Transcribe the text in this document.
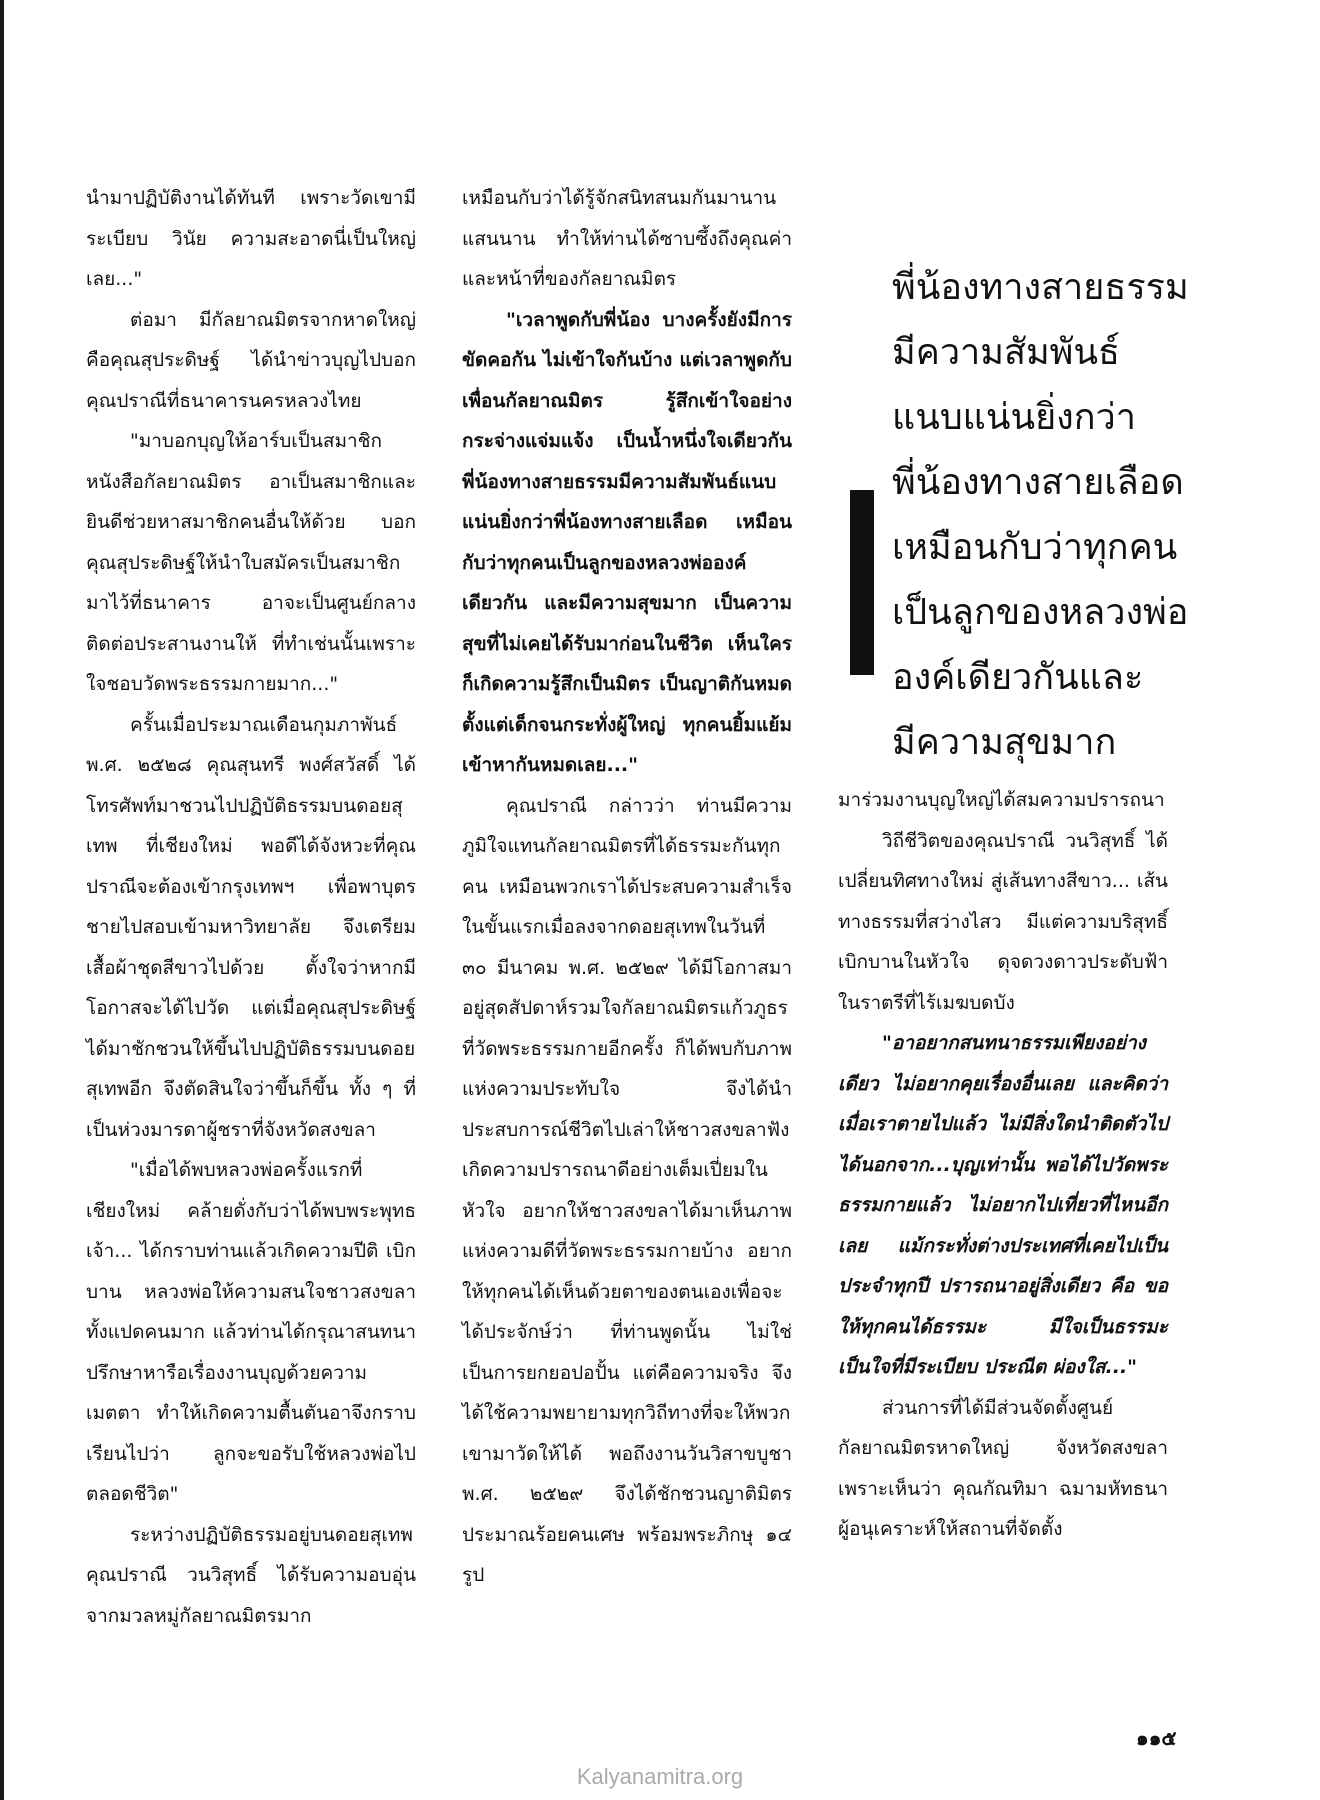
นำมาปฏิบัติงานได้ทันที เพราะวัดเขามีระเบียบ วินัย ความสะอาดนี่เป็นใหญ่เลย..."

ต่อมา มีกัลยาณมิตรจากหาดใหญ่ คือคุณสุประดิษฐ์ ได้นำข่าวบุญไปบอกคุณปราณีที่ธนาคารนครหลวงไทย

"มาบอกบุญให้อาร์บเป็นสมาชิกหนังสือกัลยาณมิตร อาเป็นสมาชิกและยินดีช่วยหาสมาชิกคนอื่นให้ด้วย บอกคุณสุประดิษฐ์ให้นำใบสมัครเป็นสมาชิกมาไว้ที่ธนาคาร อาจะเป็นศูนย์กลางติดต่อประสานงานให้ ที่ทำเช่นนั้นเพราะใจชอบวัดพระธรรมกายมาก..."

ครั้นเมื่อประมาณเดือนกุมภาพันธ์ พ.ศ. ๒๕๒๘ คุณสุนทรี พงศ์สวัสดิ์ ได้โทรศัพท์มาชวนไปปฏิบัติธรรมบนดอยสุเทพ ที่เชียงใหม่ พอดีได้จังหวะที่คุณปราณีจะต้องเข้ากรุงเทพฯ เพื่อพาบุตรชายไปสอบเข้ามหาวิทยาลัย จึงเตรียมเสื้อผ้าชุดสีขาวไปด้วย ตั้งใจว่าหากมีโอกาสจะได้ไปวัด แต่เมื่อคุณสุประดิษฐ์ได้มาชักชวนให้ขึ้นไปปฏิบัติธรรมบนดอยสุเทพอีก จึงตัดสินใจว่าขึ้นก็ขึ้น ทั้ง ๆ ที่เป็นห่วงมารดาผู้ชราที่จังหวัดสงขลา

"เมื่อได้พบหลวงพ่อครั้งแรกที่เชียงใหม่ คล้ายดั่งกับว่าได้พบพระพุทธเจ้า... ได้กราบท่านแล้วเกิดความปีติ เบิกบาน หลวงพ่อให้ความสนใจชาวสงขลาทั้งแปดคนมาก แล้วท่านได้กรุณาสนทนาปรึกษาหารือเรื่องงานบุญด้วยความเมตตา ทำให้เกิดความตื้นตันอาจึงกราบเรียนไปว่า ลูกจะขอรับใช้หลวงพ่อไปตลอดชีวิต"

ระหว่างปฏิบัติธรรมอยู่บนดอยสุเทพ คุณปราณี วนวิสุทธิ์ ได้รับความอบอุ่นจากมวลหมู่กัลยาณมิตรมาก

เหมือนกับว่าได้รู้จักสนิทสนมกันมานานแสนนาน ทำให้ท่านได้ซาบซึ้งถึงคุณค่าและหน้าที่ของกัลยาณมิตร

"เวลาพูดกับพี่น้อง บางครั้งยังมีการขัดคอกัน ไม่เข้าใจกันบ้าง แต่เวลาพูดกับเพื่อนกัลยาณมิตร รู้สึกเข้าใจอย่างกระจ่างแจ่มแจ้ง เป็นน้ำหนึ่งใจเดียวกัน พี่น้องทางสายธรรมมีความสัมพันธ์แนบแน่นยิ่งกว่าพี่น้องทางสายเลือด เหมือนกับว่าทุกคนเป็นลูกของหลวงพ่อองค์เดียวกัน และมีความสุขมาก เป็นความสุขที่ไม่เคยได้รับมาก่อนในชีวิต เห็นใครก็เกิดความรู้สึกเป็นมิตร เป็นญาติกันหมด ตั้งแต่เด็กจนกระทั่งผู้ใหญ่ ทุกคนยิ้มแย้มเข้าหากันหมดเลย..."

คุณปราณี กล่าวว่า ท่านมีความภูมิใจแทนกัลยาณมิตรที่ได้ธรรมะกันทุกคน เหมือนพวกเราได้ประสบความสำเร็จ ในขั้นแรกเมื่อลงจากดอยสุเทพในวันที่ ๓๐ มีนาคม พ.ศ. ๒๕๒๙ ได้มีโอกาสมาอยู่สุดสัปดาห์รวมใจกัลยาณมิตรแก้วภูธรที่วัดพระธรรมกายอีกครั้ง ก็ได้พบกับภาพแห่งความประทับใจ จึงได้นำประสบการณ์ชีวิตไปเล่าให้ชาวสงขลาฟัง เกิดความปรารถนาดีอย่างเต็มเปี่ยมในหัวใจ อยากให้ชาวสงขลาได้มาเห็นภาพแห่งความดีที่วัดพระธรรมกายบ้าง อยากให้ทุกคนได้เห็นด้วยตาของตนเองเพื่อจะได้ประจักษ์ว่า ที่ท่านพูดนั้น ไม่ใช่เป็นการยกยอปอปั้น แต่คือความจริง จึงได้ใช้ความพยายามทุกวิถีทางที่จะให้พวกเขามาวัดให้ได้ พอถึงงานวันวิสาขบูชา พ.ศ. ๒๕๒๙ จึงได้ชักชวนญาติมิตรประมาณร้อยคนเศษ พร้อมพระภิกษุ ๑๔ รูป

พี่น้องทางสายธรรม
มีความสัมพันธ์
แนบแน่นยิ่งกว่า
พี่น้องทางสายเลือด
เหมือนกับว่าทุกคน
เป็นลูกของหลวงพ่อ
องค์เดียวกันและ
มีความสุขมาก

มาร่วมงานบุญใหญ่ได้สมความปรารถนา

วิถีชีวิตของคุณปราณี วนวิสุทธิ์ ได้เปลี่ยนทิศทางใหม่ สู่เส้นทางสีขาว... เส้นทางธรรมที่สว่างไสว มีแต่ความบริสุทธิ์ เบิกบานในหัวใจ ดุจดวงดาวประดับฟ้าในราตรีที่ไร้เมฆบดบัง

"อาอยากสนทนาธรรมเพียงอย่างเดียว ไม่อยากคุยเรื่องอื่นเลย และคิดว่า เมื่อเราตายไปแล้ว ไม่มีสิ่งใดนำติดตัวไปได้นอกจาก...บุญเท่านั้น พอได้ไปวัดพระธรรมกายแล้ว ไม่อยากไปเที่ยวที่ไหนอีกเลย แม้กระทั่งต่างประเทศที่เคยไปเป็นประจำทุกปี ปรารถนาอยู่สิ่งเดียว คือ ขอให้ทุกคนได้ธรรมะ มีใจเป็นธรรมะ เป็นใจที่มีระเบียบ ประณีต ผ่องใส..."

ส่วนการที่ได้มีส่วนจัดตั้งศูนย์กัลยาณมิตรหาดใหญ่ จังหวัดสงขลา เพราะเห็นว่า คุณกัณทิมา ฉมามหัทธนา ผู้อนุเคราะห์ให้สถานที่จัดตั้ง

๑๑๕
Kalyanamitra.org
